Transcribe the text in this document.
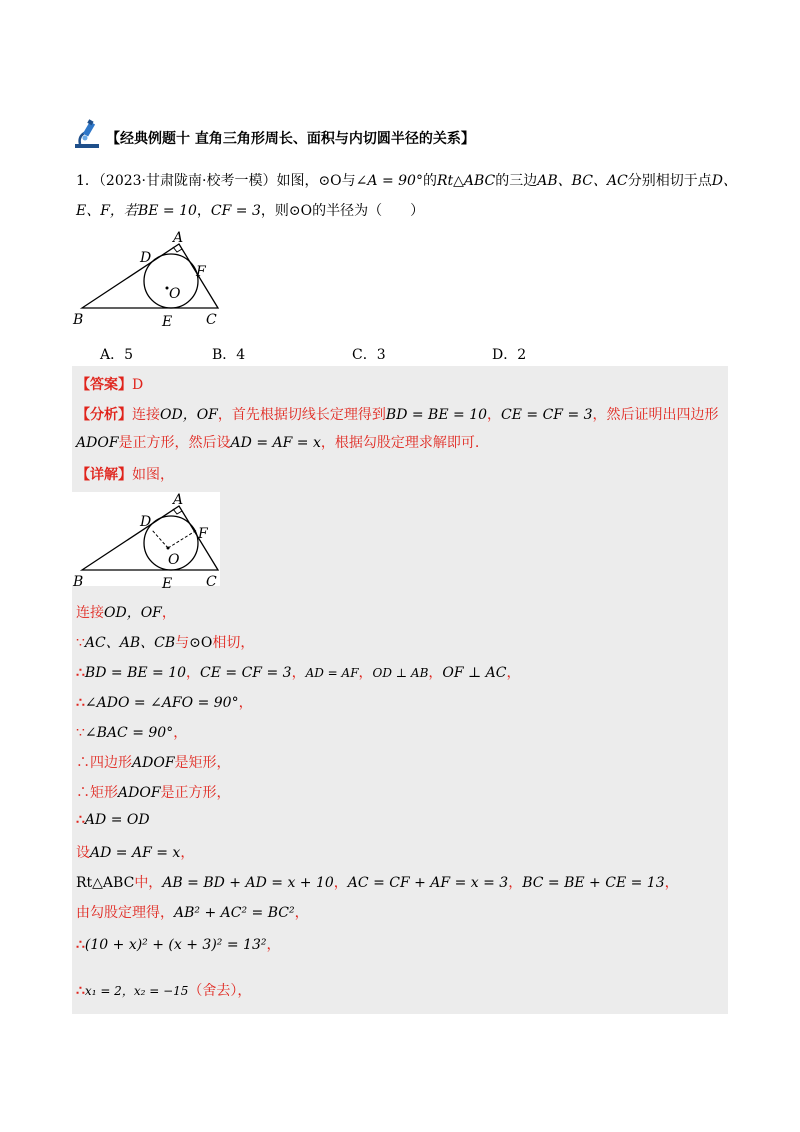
【经典例题十 直角三角形周长、面积与内切圆半径的关系】
1．（2023·甘肃陇南·校考一模）如图，⊙O与∠A = 90°的Rt△ABC的三边AB、BC、AC分别相切于点D、
E、F，若BE = 10，CF = 3，则⊙O的半径为（　　）
A
B	C
D
E
F
O
A．5	B．4	C．3	D．2
【答案】D
【分析】连接OD，OF，首先根据切线长定理得到BD = BE = 10，CE = CF = 3，然后证明出四边形
ADOF是正方形，然后设AD = AF = x，根据勾股定理求解即可.
【详解】如图，
A
B	C
D
E
F
O
连接OD，OF，
∵AC、AB、CB与⊙O相切，
∴BD = BE = 10，CE = CF = 3，AD = AF，OD ⊥ AB，OF ⊥ AC，
∴∠ADO = ∠AFO = 90°，
∵∠BAC = 90°，
∴四边形ADOF是矩形，
∴矩形ADOF是正方形，
∴AD = OD
设AD = AF = x，
Rt△ABC中，AB = BD + AD = x + 10，AC = CF + AF = x = 3，BC = BE + CE = 13，
由勾股定理得，AB² + AC² = BC²，
∴(10 + x)² + (x + 3)² = 13²，
∴x₁ = 2，x₂ = −15（舍去），
